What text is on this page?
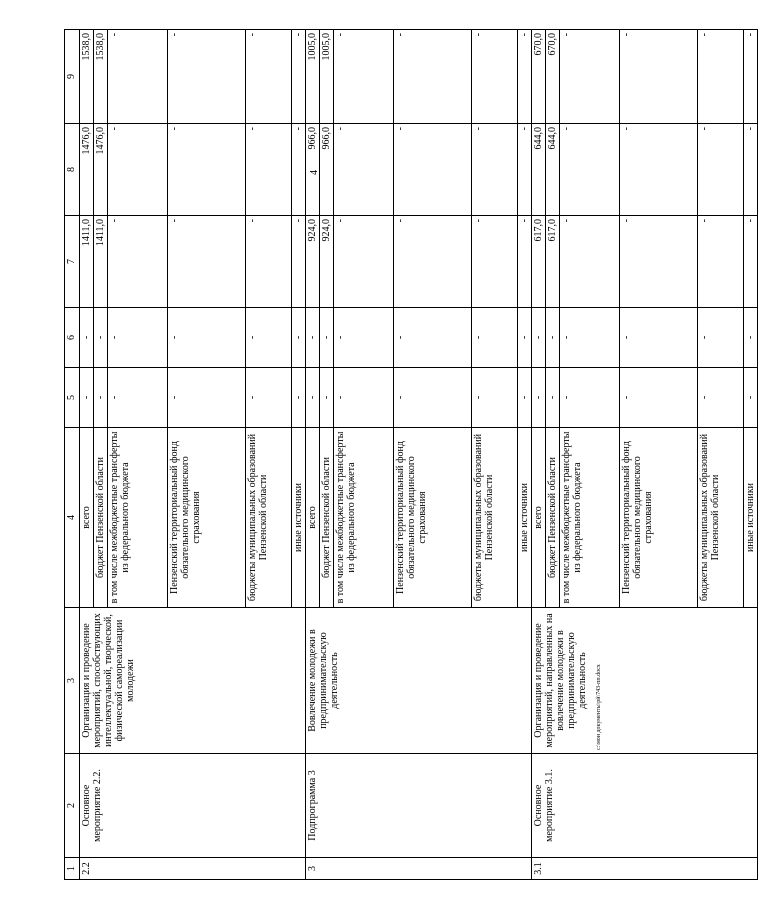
4
c:\мои документы\рй\743-пп.docx
1	2	3	4	5	6	7	8	9
2.2	Основное мероприятие 2.2.	Организация и проведение мероприятий, способствующих интеллектуальной, творческой, физической самореализации молодежи	всего	-	-	1411,0	1476,0	1538,0
			бюджет Пензенской области	-	-	1411,0	1476,0	1538,0
			в том числе межбюджетные трансферты из федерального бюджета	-	-	-	-	-
			Пензенский территориальный фонд обязательного медицинского страхования	-	-	-	-	-
			бюджеты муниципальных образований Пензенской области	-	-	-	-	-
			иные источники	-	-	-	-	-
3	Подпрограмма 3	Вовлечение молодежи в предпринимательскую деятельность	всего	-	-	924,0	966,0	1005,0
			бюджет Пензенской области	-	-	924,0	966,0	1005,0
			в том числе межбюджетные трансферты из федерального бюджета	-	-	-	-	-
			Пензенский территориальный фонд обязательного медицинского страхования	-	-	-	-	-
			бюджеты муниципальных образований Пензенской области	-	-	-	-	-
			иные источники	-	-	-	-	-
3.1	Основное мероприятие 3.1.	Организация и проведение мероприятий, направленных на вовлечение молодежи в предпринимательскую деятельность	всего	-	-	617,0	644,0	670,0
			бюджет Пензенской области	-	-	617,0	644,0	670,0
			в том числе межбюджетные трансферты из федерального бюджета	-	-	-	-	-
			Пензенский территориальный фонд обязательного медицинского страхования	-	-	-	-	-
			бюджеты муниципальных образований Пензенской области	-	-	-	-	-
			иные источники	-	-	-	-	-
